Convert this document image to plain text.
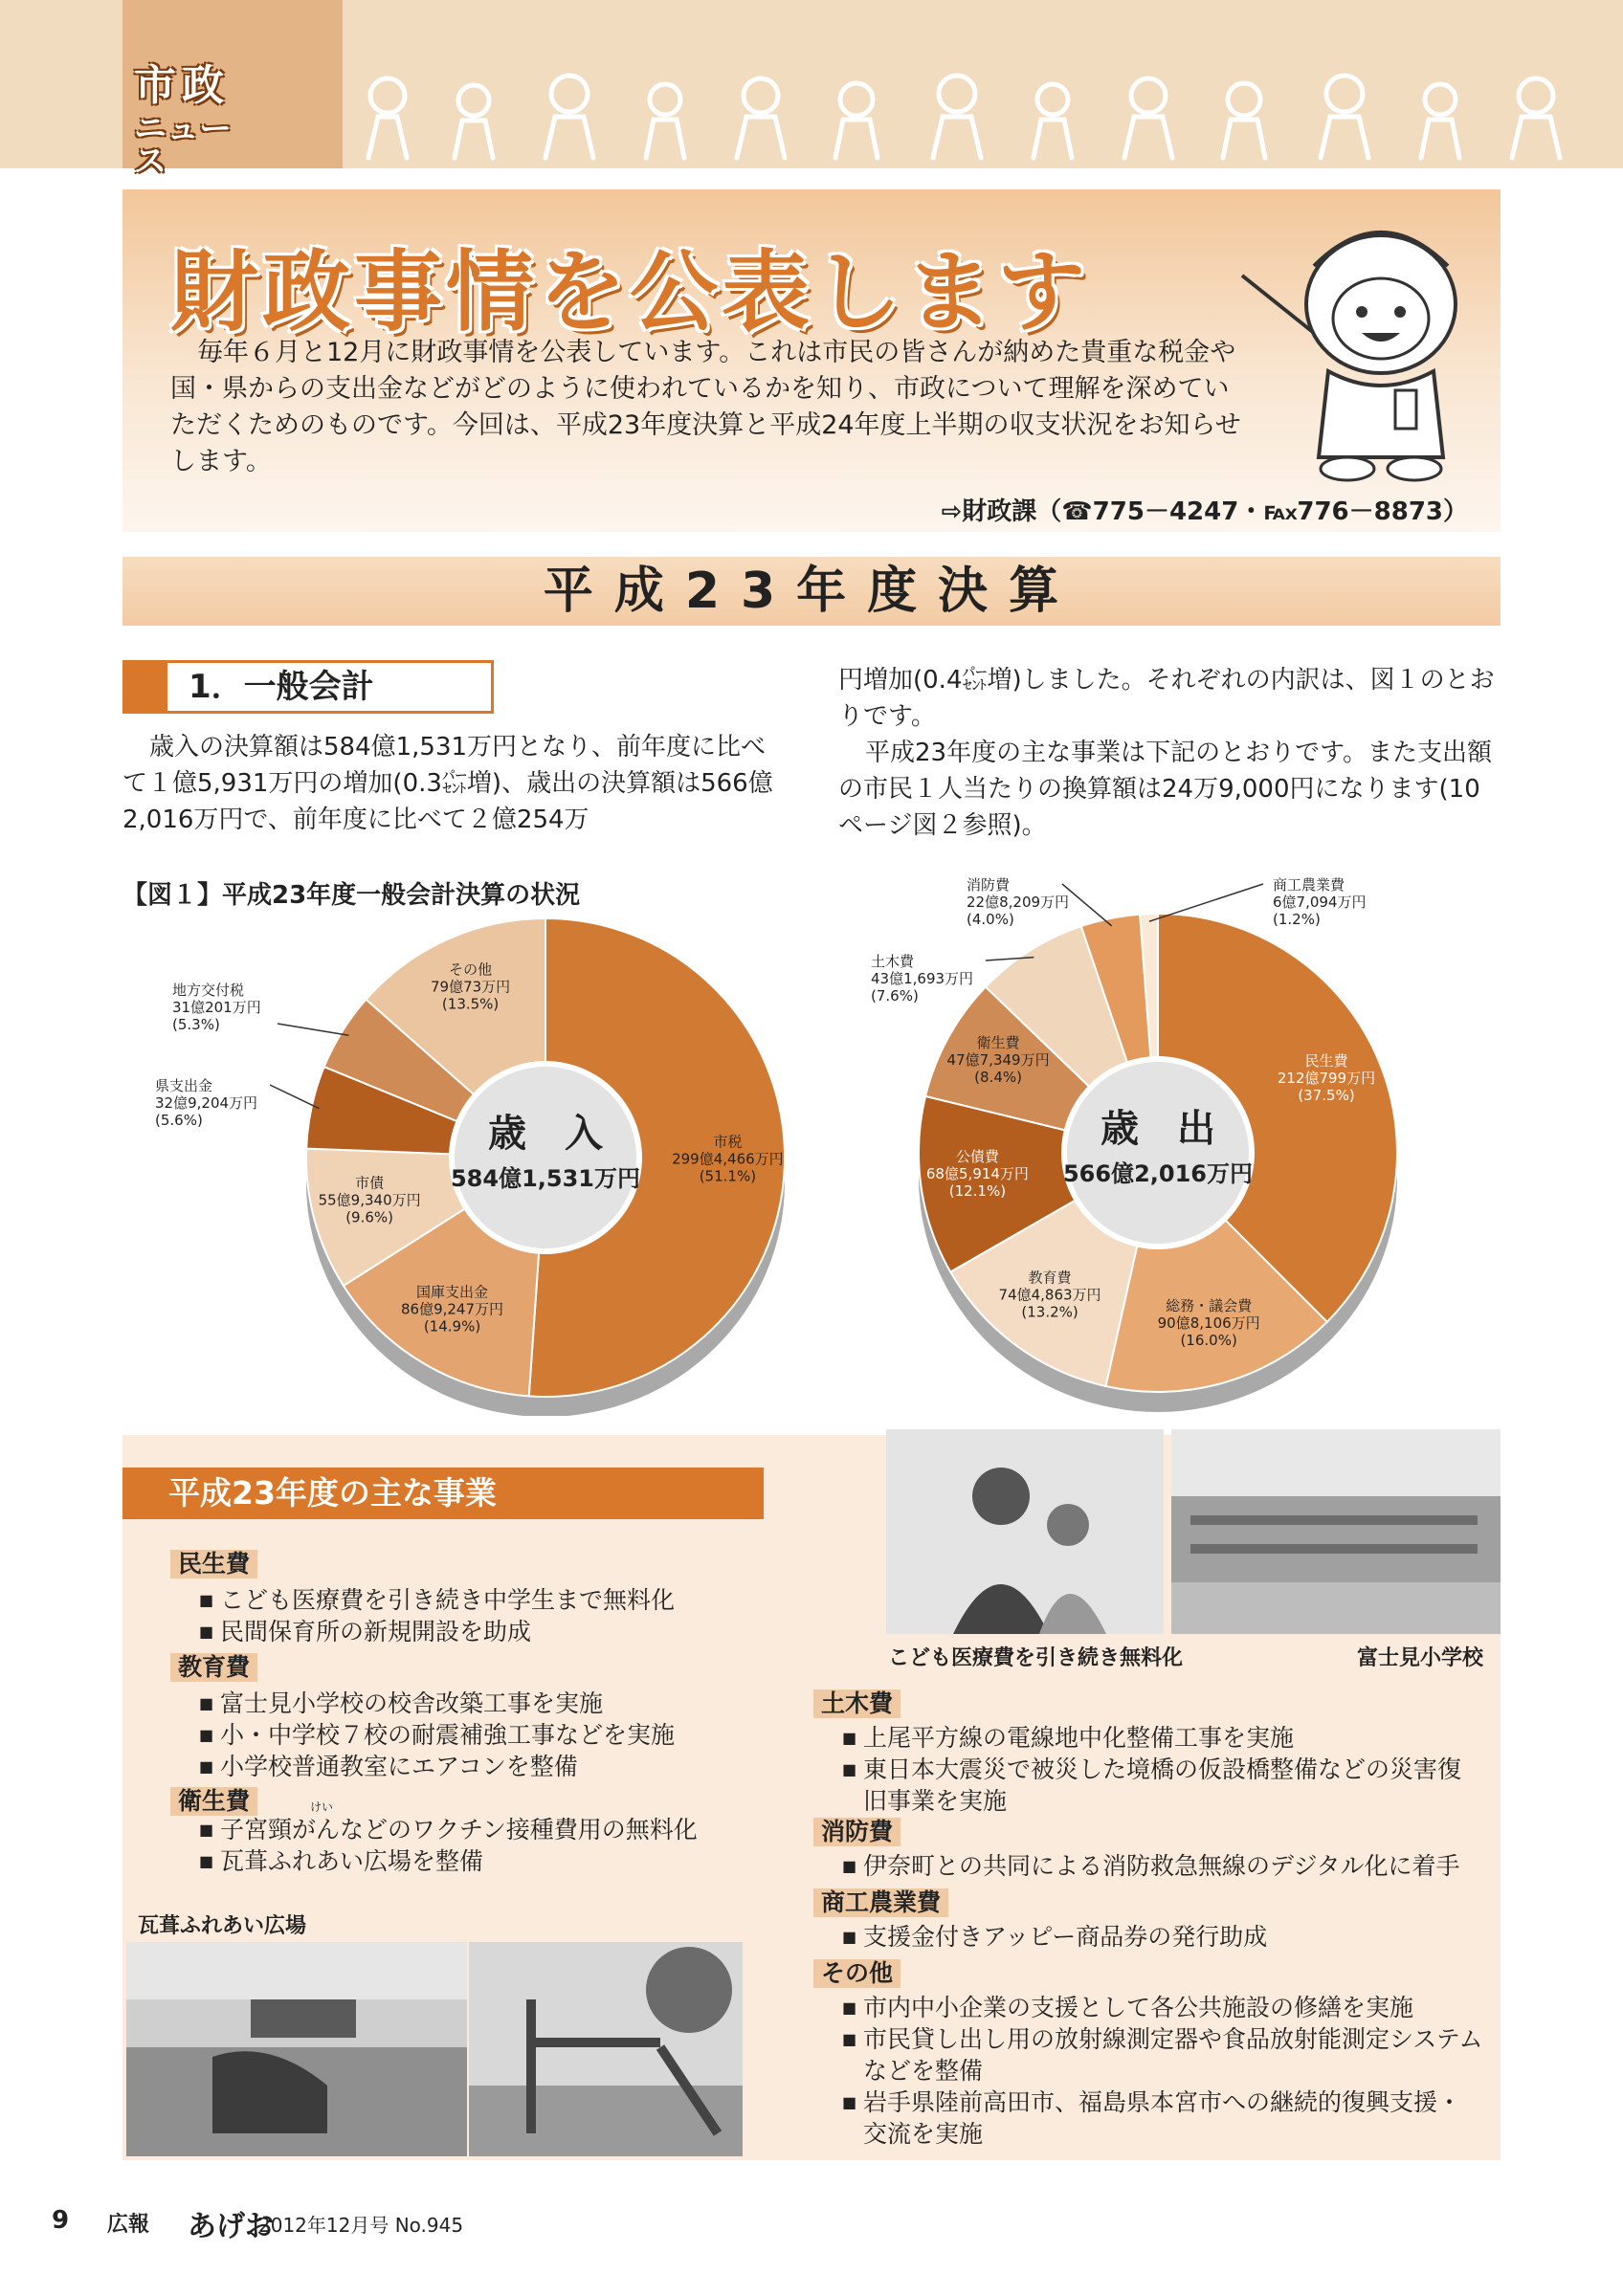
市政
ニュース
財政事情を公表します
毎年６月と12月に財政事情を公表しています。これは市民の皆さんが納めた貴重な税金や国・県からの支出金などがどのように使われているかを知り、市政について理解を深めていただくためのものです。今回は、平成23年度決算と平成24年度上半期の収支状況をお知らせします。
⇨財政課（☎775－4247・℻776－8873）
平成23年度決算
1．一般会計
歳入の決算額は584億1,531万円となり、前年度に比べて１億5,931万円の増加(0.3㌫増)、歳出の決算額は566億2,016万円で、前年度に比べて２億254万
円増加(0.4㌫増)しました。それぞれの内訳は、図１のとおりです。
平成23年度の主な事業は下記のとおりです。また支出額の市民１人当たりの換算額は24万9,000円になります(10ページ図２参照)。
【図１】平成23年度一般会計決算の状況
歳　入
584億1,531万円
市税
299億4,466万円
(51.1%)
国庫支出金
86億9,247万円
(14.9%)
市債
55億9,340万円
(9.6%)
県支出金
32億9,204万円
(5.6%)
地方交付税
31億201万円
(5.3%)
その他
79億73万円
(13.5%)
歳　出
566億2,016万円
民生費
212億799万円
(37.5%)
総務・議会費
90億8,106万円
(16.0%)
教育費
74億4,863万円
(13.2%)
公債費
68億5,914万円
(12.1%)
衛生費
47億7,349万円
(8.4%)
土木費
43億1,693万円
(7.6%)
消防費
22億8,209万円
(4.0%)
商工農業費
6億7,094万円
(1.2%)
平成23年度の主な事業
民生費
■ こども医療費を引き続き中学生まで無料化
■ 民間保育所の新規開設を助成
教育費
■ 富士見小学校の校舎改築工事を実施
■ 小・中学校７校の耐震補強工事などを実施
■ 小学校普通教室にエアコンを整備
衛生費	けい
■ 子宮頸がんなどのワクチン接種費用の無料化
■ 瓦葺ふれあい広場を整備
瓦葺ふれあい広場
こども医療費を引き続き無料化	富士見小学校
土木費
■ 上尾平方線の電線地中化整備工事を実施
■ 東日本大震災で被災した境橋の仮設橋整備などの災害復旧事業を実施
消防費
■ 伊奈町との共同による消防救急無線のデジタル化に着手
商工農業費
■ 支援金付きアッピー商品券の発行助成
その他
■ 市内中小企業の支援として各公共施設の修繕を実施
■ 市民貸し出し用の放射線測定器や食品放射能測定システムなどを整備
■ 岩手県陸前高田市、福島県本宮市への継続的復興支援・交流を実施
9 広報 あげお
2012年12月号 No.945
